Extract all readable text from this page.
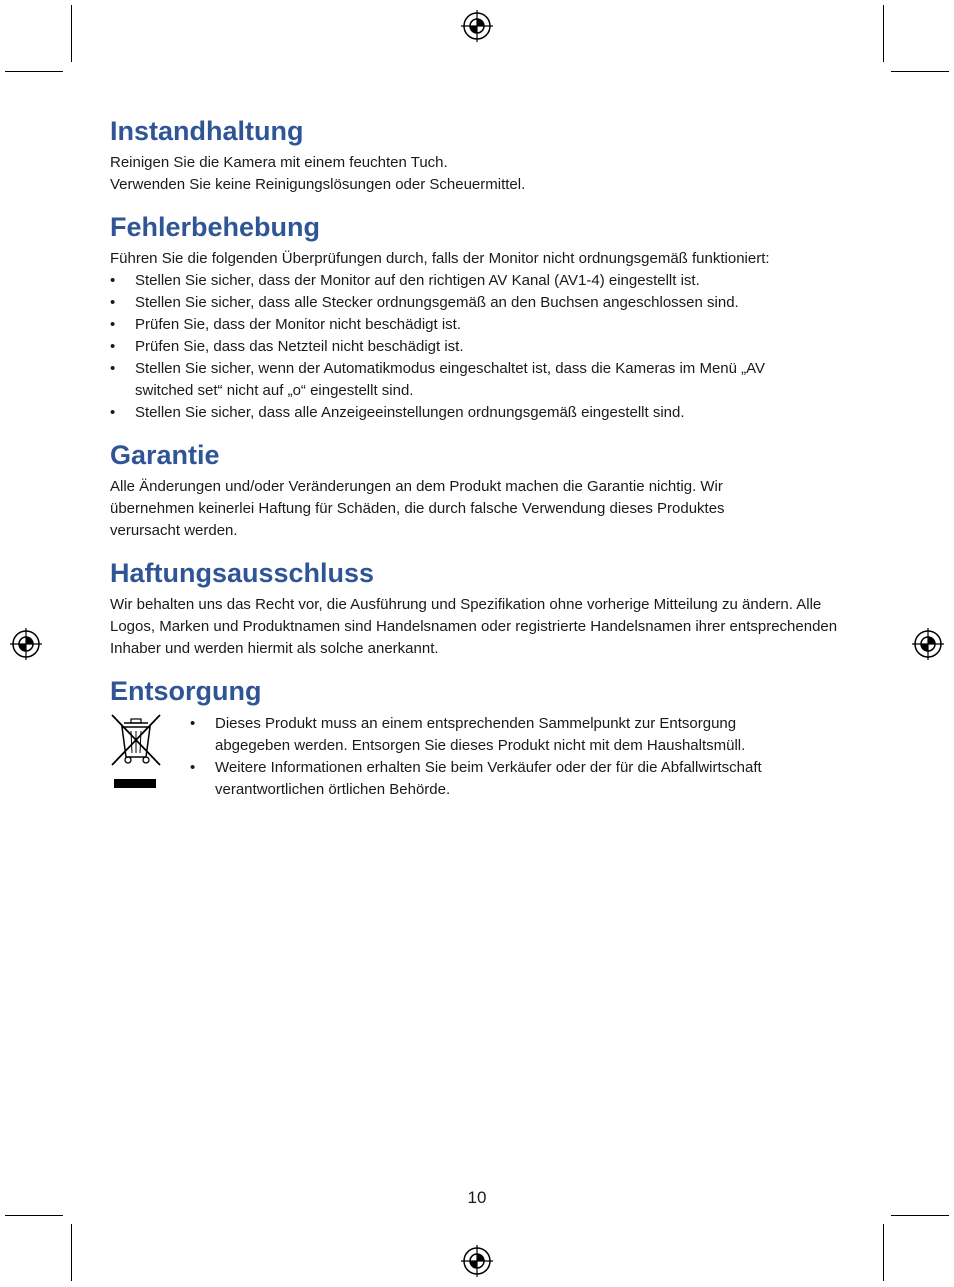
Instandhaltung

Reinigen Sie die Kamera mit einem feuchten Tuch.

Verwenden Sie keine Reinigungslösungen oder Scheuermittel.

Fehlerbehebung

Führen Sie die folgenden Überprüfungen durch, falls der Monitor nicht ordnungsgemäß funktioniert:

• Stellen Sie sicher, dass der Monitor auf den richtigen AV Kanal (AV1-4) eingestellt ist.
• Stellen Sie sicher, dass alle Stecker ordnungsgemäß an den Buchsen angeschlossen sind.
• Prüfen Sie, dass der Monitor nicht beschädigt ist.
• Prüfen Sie, dass das Netzteil nicht beschädigt ist.
• Stellen Sie sicher, wenn der Automatikmodus eingeschaltet ist, dass die Kameras im Menü „AV switched set“ nicht auf „o“ eingestellt sind.
• Stellen Sie sicher, dass alle Anzeigeeinstellungen ordnungsgemäß eingestellt sind.
Garantie

Alle Änderungen und/oder Veränderungen an dem Produkt machen die Garantie nichtig. Wir übernehmen keinerlei Haftung für Schäden, die durch falsche Verwendung dieses Produktes verursacht werden.

Haftungsausschluss

Wir behalten uns das Recht vor, die Ausführung und Spezifikation ohne vorherige Mitteilung zu ändern. Alle Logos, Marken und Produktnamen sind Handelsnamen oder registrierte Handelsnamen ihrer entsprechenden Inhaber und werden hiermit als solche anerkannt.

Entsorgung
• Dieses Produkt muss an einem entsprechenden Sammelpunkt zur Entsorgung abgegeben werden. Entsorgen Sie dieses Produkt nicht mit dem Haushaltsmüll.
• Weitere Informationen erhalten Sie beim Verkäufer oder der für die Abfallwirtschaft verantwortlichen örtlichen Behörde.
10
